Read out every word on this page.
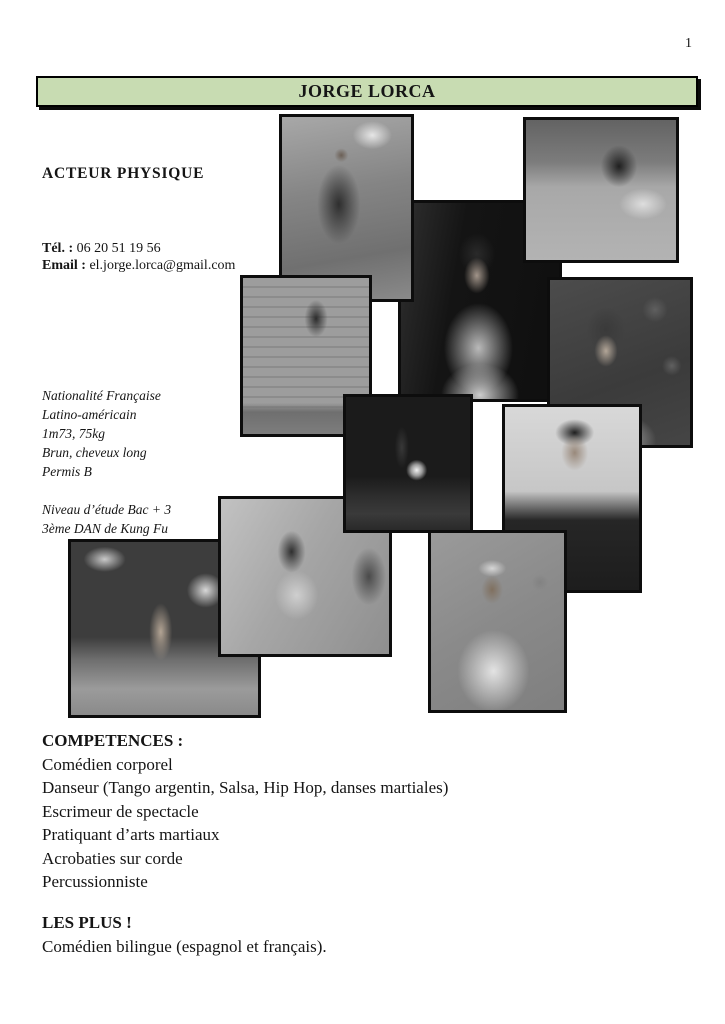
1
JORGE LORCA
ACTEUR PHYSIQUE
Tél. : 06 20 51 19 56
Email : el.jorge.lorca@gmail.com
Nationalité Française
Latino-américain
1m73, 75kg
Brun, cheveux long
Permis B
Niveau d’étude Bac + 3
3ème DAN de Kung Fu
COMPETENCES :
Comédien corporel
Danseur (Tango argentin, Salsa, Hip Hop, danses martiales)
Escrimeur de spectacle
Pratiquant d’arts martiaux
Acrobaties sur corde
Percussionniste
LES PLUS !
Comédien bilingue (espagnol et français).
